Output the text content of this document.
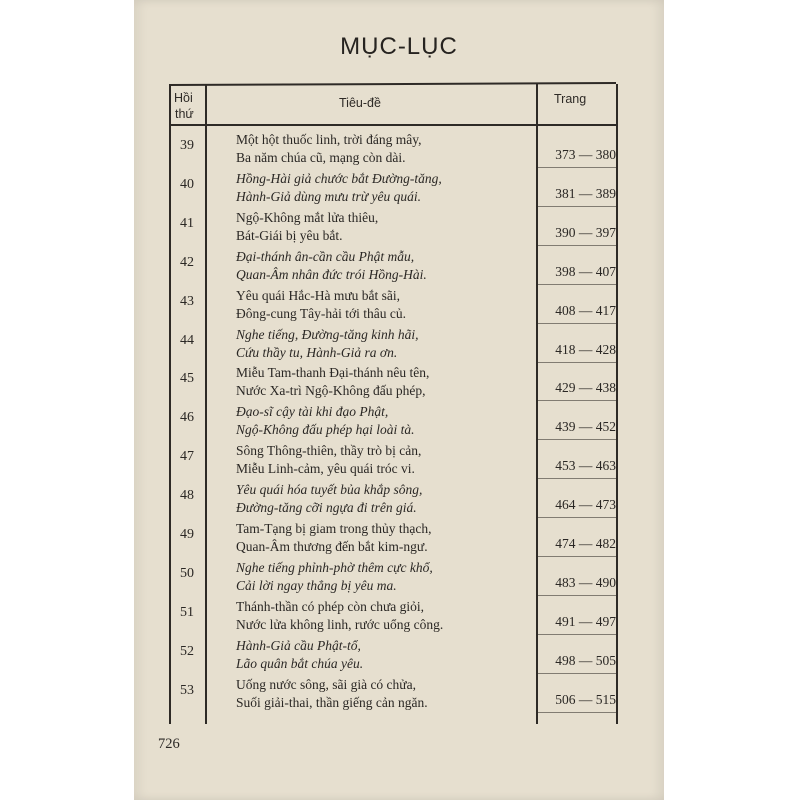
MỤC-LỤC
Hồi
thứ
Tiêu-đề	Trang
39	Một hột thuốc linh, trời đáng mây,
Ba năm chúa cũ, mạng còn dài.	373 — 380
40	Hồng-Hài giả chước bắt Đường-tăng,
Hành-Giả dùng mưu trừ yêu quái.	381 — 389
41	Ngộ-Không mắt lửa thiêu,
Bát-Giái bị yêu bắt.	390 — 397
42	Đại-thánh ân-cần cầu Phật mẫu,
Quan-Âm nhân đức trói Hồng-Hài.	398 — 407
43	Yêu quái Hắc-Hà mưu bắt sãi,
Đông-cung Tây-hải tới thâu củ.	408 — 417
44	Nghe tiếng, Đường-tăng kinh hãi,
Cứu thầy tu, Hành-Giả ra ơn.	418 — 428
45	Miễu Tam-thanh Đại-thánh nêu tên,
Nước Xa-trì Ngộ-Không đấu phép,	429 — 438
46	Đạo-sĩ cậy tài khi đạo Phật,
Ngộ-Không đấu phép hại loài tà.	439 — 452
47	Sông Thông-thiên, thầy trò bị cản,
Miễu Linh-cảm, yêu quái tróc vi.	453 — 463
48	Yêu quái hóa tuyết bủa khắp sông,
Đường-tăng cỡi ngựa đi trên giá.	464 — 473
49	Tam-Tạng bị giam trong thủy thạch,
Quan-Âm thương đến bắt kim-ngư.	474 — 482
50	Nghe tiếng phỉnh-phờ thêm cực khổ,
Cải lời ngay thẳng bị yêu ma.	483 — 490
51	Thánh-thần có phép còn chưa giỏi,
Nước lửa không linh, rước uổng công.	491 — 497
52	Hành-Giả cầu Phật-tổ,
Lão quân bắt chúa yêu.	498 — 505
53	Uống nước sông, sãi già có chửa,
Suối giải-thai, thần giếng cản ngăn.	506 — 515
726
